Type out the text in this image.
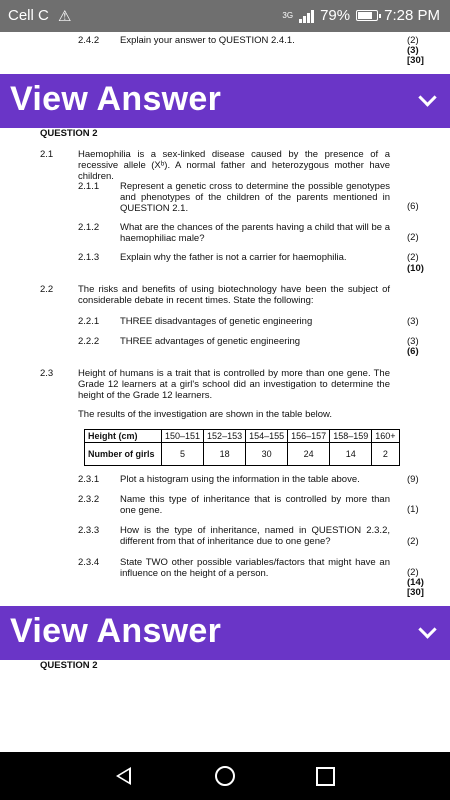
Cell C ⚠	3G 79% 7:28 PM
2.4.2 Explain your answer to QUESTION 2.4.1.	(2)
(3)
[30]
View Answer
QUESTION 2
2.1	Haemophilia is a sex-linked disease caused by the presence of a recessive allele (Xᵇ). A normal father and heterozygous mother have children.
2.1.1 Represent a genetic cross to determine the possible genotypes and phenotypes of the children of the parents mentioned in QUESTION 2.1.	(6)
2.1.2 What are the chances of the parents having a child that will be a haemophiliac male?	(2)
2.1.3 Explain why the father is not a carrier for haemophilia.	(2)
(10)
2.2	The risks and benefits of using biotechnology have been the subject of considerable debate in recent times. State the following:
2.2.1 THREE disadvantages of genetic engineering	(3)
2.2.2 THREE advantages of genetic engineering	(3)
(6)
2.3	Height of humans is a trait that is controlled by more than one gene. The Grade 12 learners at a girl's school did an investigation to determine the height of the Grade 12 learners.
The results of the investigation are shown in the table below.
Height (cm)	150–151	152–153	154–155	156–157	158–159	160+
Number of girls	5	18	30	24	14	2
2.3.1 Plot a histogram using the information in the table above.	(9)
2.3.2 Name this type of inheritance that is controlled by more than one gene.	(1)
2.3.3 How is the type of inheritance, named in QUESTION 2.3.2, different from that of inheritance due to one gene?	(2)
2.3.4 State TWO other possible variables/factors that might have an influence on the height of a person.	(2)
(14)
[30]
View Answer
QUESTION 2
